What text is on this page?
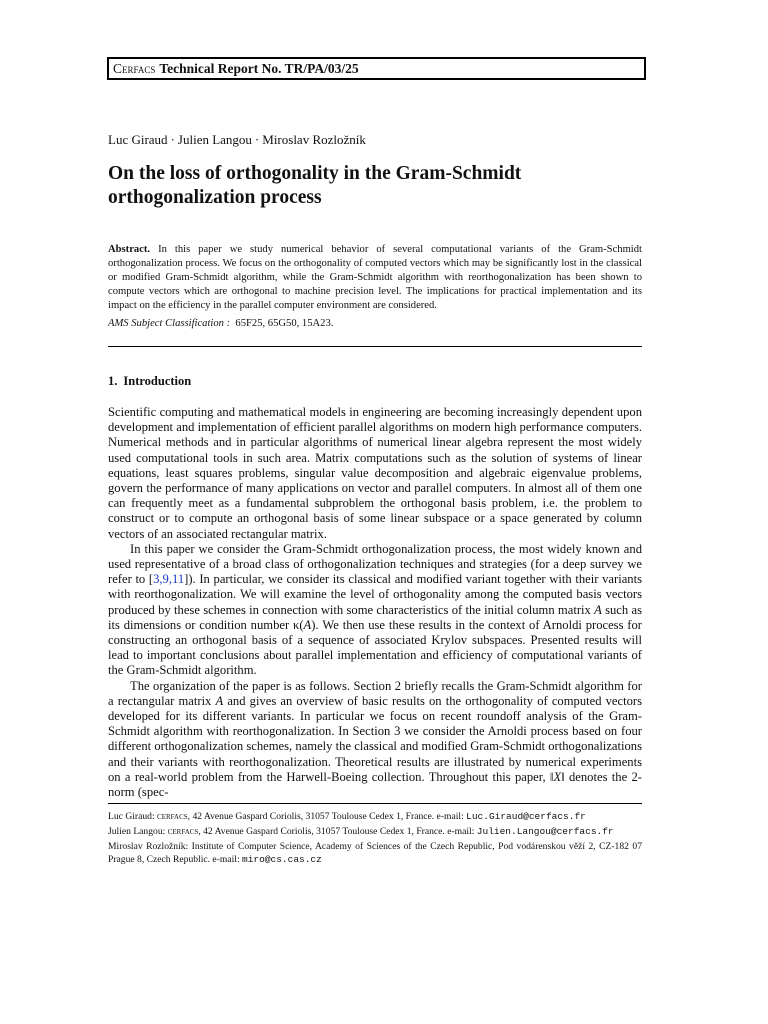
Cerfacs Technical Report No. TR/PA/03/25
Luc Giraud · Julien Langou · Miroslav Rozložník
On the loss of orthogonality in the Gram-Schmidt orthogonalization process

Abstract. In this paper we study numerical behavior of several computational variants of the Gram-Schmidt orthogonalization process. We focus on the orthogonality of computed vectors which may be significantly lost in the classical or modified Gram-Schmidt algorithm, while the Gram-Schmidt algorithm with reorthogonalization has been shown to compute vectors which are orthogonal to machine precision level. The implications for practical implementation and its impact on the efficiency in the parallel computer environment are considered.

AMS Subject Classification : 65F25, 65G50, 15A23.
1. Introduction

Scientific computing and mathematical models in engineering are becoming increasingly dependent upon development and implementation of efficient parallel algorithms on modern high performance computers. Numerical methods and in particular algorithms of numerical linear algebra represent the most widely used computational tools in such area. Matrix computations such as the solution of systems of linear equations, least squares problems, singular value decomposition and algebraic eigenvalue problems, govern the performance of many applications on vector and parallel computers. In almost all of them one can frequently meet as a fundamental subproblem the orthogonal basis problem, i.e. the problem to construct or to compute an orthogonal basis of some linear subspace or a space generated by column vectors of an associated rectangular matrix.

In this paper we consider the Gram-Schmidt orthogonalization process, the most widely known and used representative of a broad class of orthogonalization techniques and strategies (for a deep survey we refer to [3,9,11]). In particular, we consider its classical and modified variant together with their variants with reorthogonalization. We will examine the level of orthogonality among the computed basis vectors produced by these schemes in connection with some characteristics of the initial column matrix A such as its dimensions or condition number κ(A). We then use these results in the context of Arnoldi process for constructing an orthogonal basis of a sequence of associated Krylov subspaces. Presented results will lead to important conclusions about parallel implementation and efficiency of computational variants of the Gram-Schmidt algorithm.

The organization of the paper is as follows. Section 2 briefly recalls the Gram-Schmidt algorithm for a rectangular matrix A and gives an overview of basic results on the orthogonality of computed vectors developed for its different variants. In particular we focus on recent roundoff analysis of the Gram-Schmidt algorithm with reorthogonalization. In Section 3 we consider the Arnoldi process based on four different orthogonalization schemes, namely the classical and modified Gram-Schmidt orthogonalizations and their variants with reorthogonalization. Theoretical results are illustrated by numerical experiments on a real-world problem from the Harwell-Boeing collection. Throughout this paper, ‖X‖ denotes the 2-norm (spec-

Luc Giraud: cerfacs, 42 Avenue Gaspard Coriolis, 31057 Toulouse Cedex 1, France. e-mail: Luc.Giraud@cerfacs.fr

Julien Langou: cerfacs, 42 Avenue Gaspard Coriolis, 31057 Toulouse Cedex 1, France. e-mail: Julien.Langou@cerfacs.fr

Miroslav Rozložník: Institute of Computer Science, Academy of Sciences of the Czech Republic, Pod vodárenskou věží 2, CZ-182 07 Prague 8, Czech Republic. e-mail: miro@cs.cas.cz
